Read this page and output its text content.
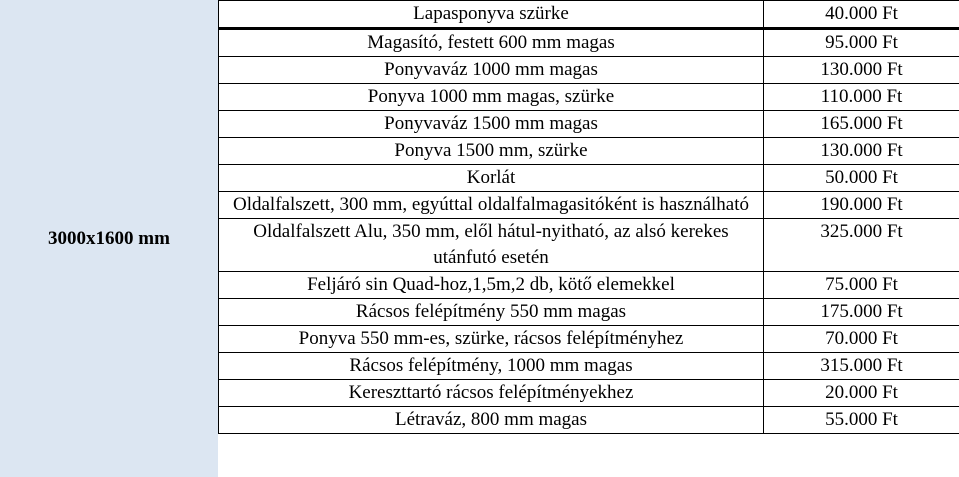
3000x1600 mm
Lapasponyva szürke	40.000 Ft
Magasító, festett 600 mm magas	95.000 Ft
Ponyvaváz 1000 mm magas	130.000 Ft
Ponyva 1000 mm magas, szürke	110.000 Ft
Ponyvaváz 1500 mm magas	165.000 Ft
Ponyva 1500 mm, szürke	130.000 Ft
Korlát	50.000 Ft
Oldalfalszett, 300 mm, egyúttal oldalfalmagasitóként is használható	190.000 Ft
Oldalfalszett Alu, 350 mm, elől hátul-nyitható, az alsó kerekes utánfutó esetén	325.000 Ft
Feljáró sin Quad-hoz,1,5m,2 db, kötő elemekkel	75.000 Ft
Rácsos felépítmény 550 mm magas	175.000 Ft
Ponyva 550 mm-es, szürke, rácsos felépítményhez	70.000 Ft
Rácsos felépítmény, 1000 mm magas	315.000 Ft
Kereszttartó rácsos felépítményekhez	20.000 Ft
Létraváz, 800 mm magas	55.000 Ft
